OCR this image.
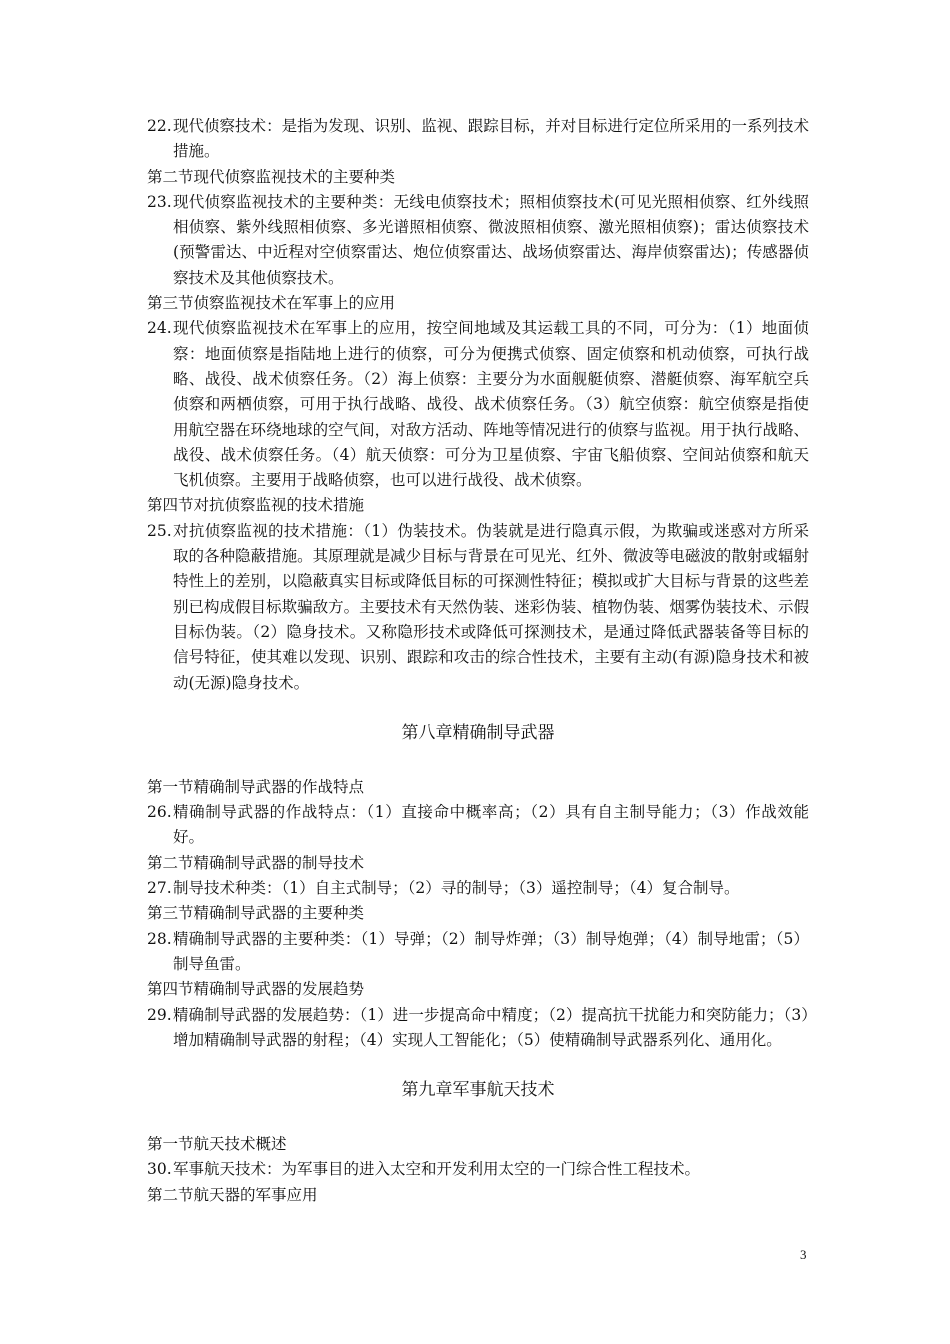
22. 现代侦察技术：是指为发现、识别、监视、跟踪目标，并对目标进行定位所采用的一系列技术措施。
第二节现代侦察监视技术的主要种类
23. 现代侦察监视技术的主要种类：无线电侦察技术；照相侦察技术(可见光照相侦察、红外线照相侦察、紫外线照相侦察、多光谱照相侦察、微波照相侦察、激光照相侦察)；雷达侦察技术(预警雷达、中近程对空侦察雷达、炮位侦察雷达、战场侦察雷达、海岸侦察雷达)；传感器侦察技术及其他侦察技术。
第三节侦察监视技术在军事上的应用
24. 现代侦察监视技术在军事上的应用，按空间地域及其运载工具的不同，可分为：（1）地面侦察：地面侦察是指陆地上进行的侦察，可分为便携式侦察、固定侦察和机动侦察，可执行战略、战役、战术侦察任务。（2）海上侦察：主要分为水面舰艇侦察、潜艇侦察、海军航空兵侦察和两栖侦察，可用于执行战略、战役、战术侦察任务。（3）航空侦察：航空侦察是指使用航空器在环绕地球的空气间，对敌方活动、阵地等情况进行的侦察与监视。用于执行战略、战役、战术侦察任务。（4）航天侦察：可分为卫星侦察、宇宙飞船侦察、空间站侦察和航天飞机侦察。主要用于战略侦察，也可以进行战役、战术侦察。
第四节对抗侦察监视的技术措施
25. 对抗侦察监视的技术措施：（1）伪装技术。伪装就是进行隐真示假，为欺骗或迷惑对方所采取的各种隐蔽措施。其原理就是减少目标与背景在可见光、红外、微波等电磁波的散射或辐射特性上的差别，以隐蔽真实目标或降低目标的可探测性特征；模拟或扩大目标与背景的这些差别已构成假目标欺骗敌方。主要技术有天然伪装、迷彩伪装、植物伪装、烟雾伪装技术、示假目标伪装。（2）隐身技术。又称隐形技术或降低可探测技术，是通过降低武器装备等目标的信号特征，使其难以发现、识别、跟踪和攻击的综合性技术，主要有主动(有源)隐身技术和被动(无源)隐身技术。
第八章精确制导武器
第一节精确制导武器的作战特点
26. 精确制导武器的作战特点：（1）直接命中概率高；（2）具有自主制导能力；（3）作战效能好。
第二节精确制导武器的制导技术
27. 制导技术种类：（1）自主式制导；（2）寻的制导；（3）遥控制导；（4）复合制导。
第三节精确制导武器的主要种类
28. 精确制导武器的主要种类：（1）导弹；（2）制导炸弹；（3）制导炮弹；（4）制导地雷；（5）制导鱼雷。
第四节精确制导武器的发展趋势
29. 精确制导武器的发展趋势：（1）进一步提高命中精度；（2）提高抗干扰能力和突防能力；（3）增加精确制导武器的射程；（4）实现人工智能化；（5）使精确制导武器系列化、通用化。
第九章军事航天技术
第一节航天技术概述
30. 军事航天技术：为军事目的进入太空和开发利用太空的一门综合性工程技术。
第二节航天器的军事应用
3
